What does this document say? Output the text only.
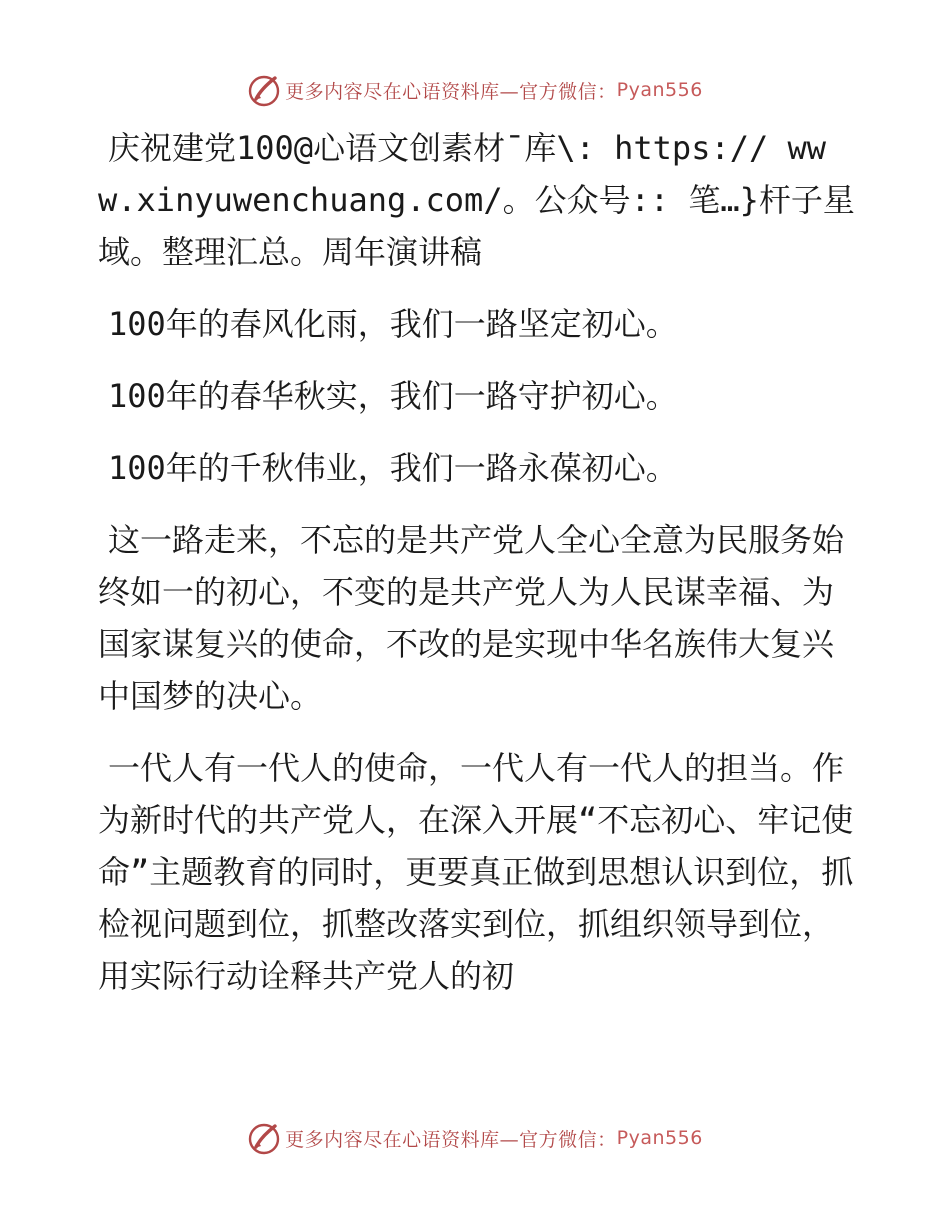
更多内容尽在心语资料库—官方微信： Pyan556

庆祝建党100@心语文创素材¯库\: https:// www.xinyuwenchuang.com/。公众号:: 笔…}杆子星域。整理汇总。周年演讲稿

100年的春风化雨，我们一路坚定初心。

100年的春华秋实，我们一路守护初心。

100年的千秋伟业，我们一路永葆初心。

这一路走来，不忘的是共产党人全心全意为民服务始终如一的初心，不变的是共产党人为人民谋幸福、为国家谋复兴的使命，不改的是实现中华名族伟大复兴中国梦的决心。

一代人有一代人的使命，一代人有一代人的担当。作为新时代的共产党人，在深入开展“不忘初心、牢记使命”主题教育的同时，更要真正做到思想认识到位，抓检视问题到位，抓整改落实到位，抓组织领导到位，用实际行动诠释共产党人的初

更多内容尽在心语资料库—官方微信： Pyan556
